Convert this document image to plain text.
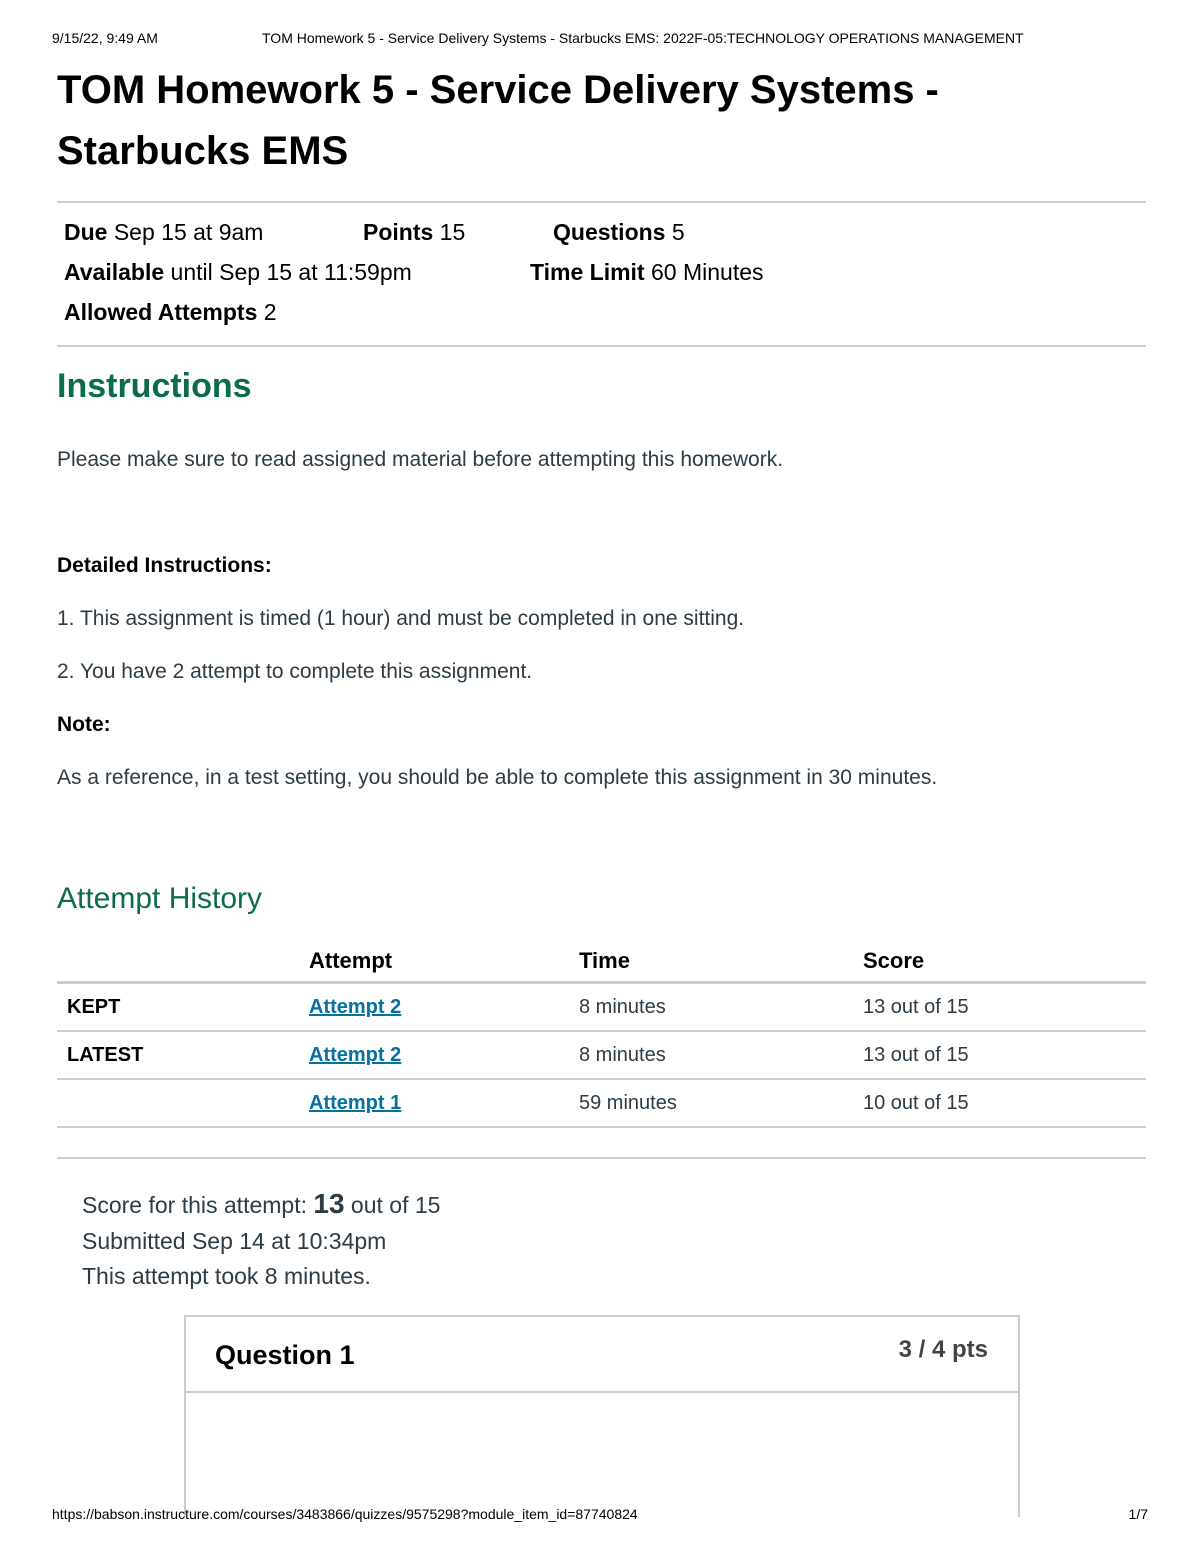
9/15/22, 9:49 AM	TOM Homework 5 - Service Delivery Systems - Starbucks EMS: 2022F-05:TECHNOLOGY OPERATIONS MANAGEMENT
TOM Homework 5 - Service Delivery Systems - Starbucks EMS
Due Sep 15 at 9am	Points 15	Questions 5
Available until Sep 15 at 11:59pm	Time Limit 60 Minutes
Allowed Attempts 2
Instructions
Please make sure to read assigned material before attempting this homework.
Detailed Instructions:
1. This assignment is timed (1 hour) and must be completed in one sitting.
2. You have 2 attempt to complete this assignment.
Note:
As a reference, in a test setting, you should be able to complete this assignment in 30 minutes.
Attempt History
	Attempt	Time	Score
KEPT	Attempt 2	8 minutes	13 out of 15
LATEST	Attempt 2	8 minutes	13 out of 15
	Attempt 1	59 minutes	10 out of 15
Score for this attempt: 13 out of 15
Submitted Sep 14 at 10:34pm
This attempt took 8 minutes.
Question 1	3 / 4 pts
https://babson.instructure.com/courses/3483866/quizzes/9575298?module_item_id=87740824	1/7
